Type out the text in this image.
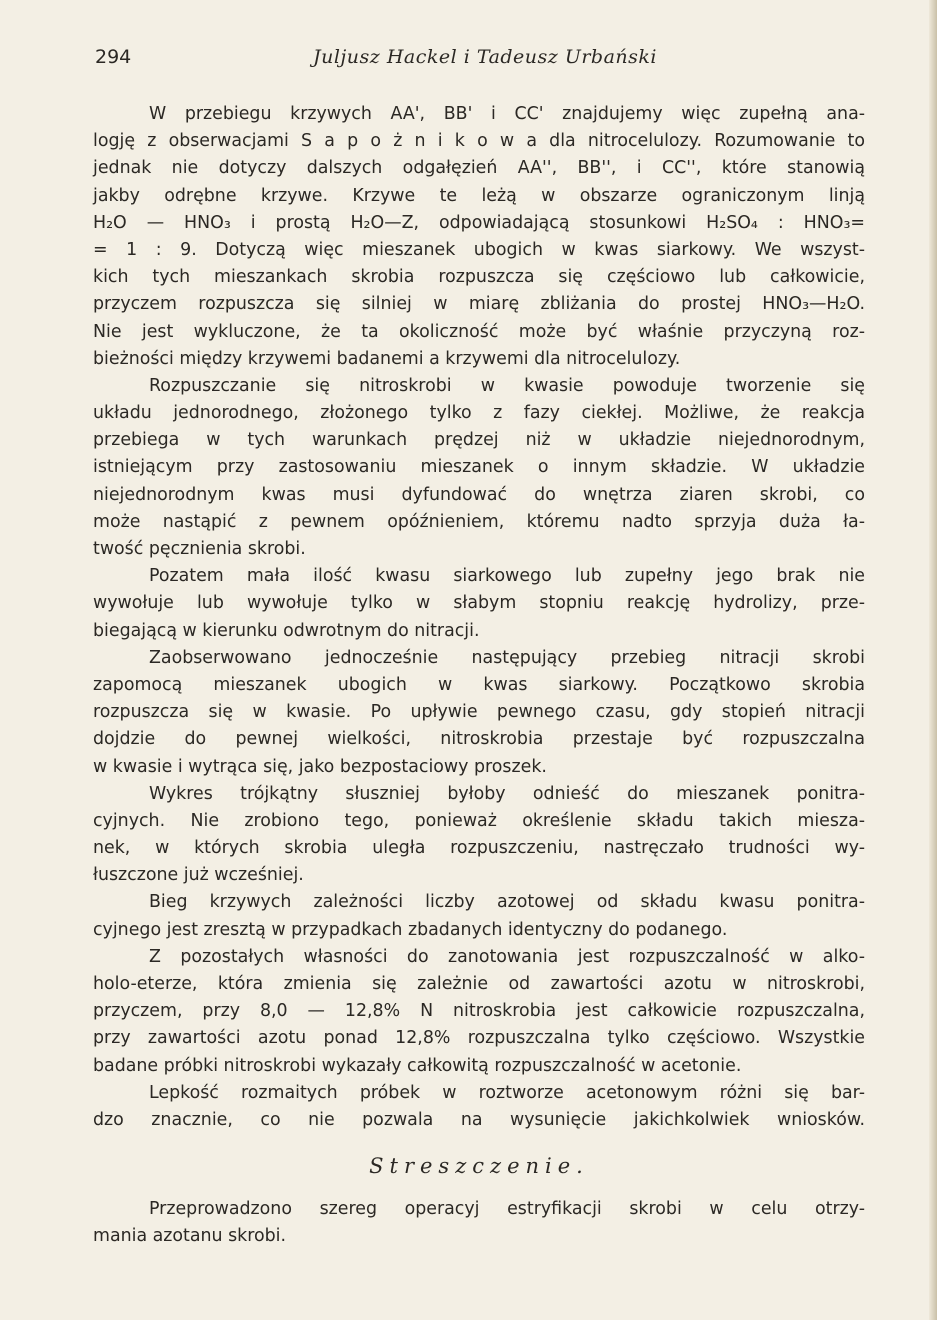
294	Juljusz Hackel i Tadeusz Urbański
W przebiegu krzywych AA', BB' i CC' znajdujemy więc zupełną ana-
logję z obserwacjami S a p o ż n i k o w a dla nitrocelulozy. Rozumowanie to
jednak nie dotyczy dalszych odgałęzień AA'', BB'', i CC'', które stanowią
jakby odrębne krzywe. Krzywe te leżą w obszarze ograniczonym linją
H₂O — HNO₃ i prostą H₂O—Z, odpowiadającą stosunkowi H₂SO₄ : HNO₃=
= 1 : 9. Dotyczą więc mieszanek ubogich w kwas siarkowy. We wszyst-
kich tych mieszankach skrobia rozpuszcza się częściowo lub całkowicie,
przyczem rozpuszcza się silniej w miarę zbliżania do prostej HNO₃—H₂O.
Nie jest wykluczone, że ta okoliczność może być właśnie przyczyną roz-
bieżności między krzywemi badanemi a krzywemi dla nitrocelulozy.
Rozpuszczanie się nitroskrobi w kwasie powoduje tworzenie się
układu jednorodnego, złożonego tylko z fazy ciekłej. Możliwe, że reakcja
przebiega w tych warunkach prędzej niż w układzie niejednorodnym,
istniejącym przy zastosowaniu mieszanek o innym składzie. W układzie
niejednorodnym kwas musi dyfundować do wnętrza ziaren skrobi, co
może nastąpić z pewnem opóźnieniem, któremu nadto sprzyja duża ła-
twość pęcznienia skrobi.
Pozatem mała ilość kwasu siarkowego lub zupełny jego brak nie
wywołuje lub wywołuje tylko w słabym stopniu reakcję hydrolizy, prze-
biegającą w kierunku odwrotnym do nitracji.
Zaobserwowano jednocześnie następujący przebieg nitracji skrobi
zapomocą mieszanek ubogich w kwas siarkowy. Początkowo skrobia
rozpuszcza się w kwasie. Po upływie pewnego czasu, gdy stopień nitracji
dojdzie do pewnej wielkości, nitroskrobia przestaje być rozpuszczalna
w kwasie i wytrąca się, jako bezpostaciowy proszek.
Wykres trójkątny słuszniej byłoby odnieść do mieszanek ponitra-
cyjnych. Nie zrobiono tego, ponieważ określenie składu takich miesza-
nek, w których skrobia uległa rozpuszczeniu, nastręczało trudności wy-
łuszczone już wcześniej.
Bieg krzywych zależności liczby azotowej od składu kwasu ponitra-
cyjnego jest zresztą w przypadkach zbadanych identyczny do podanego.
Z pozostałych własności do zanotowania jest rozpuszczalność w alko-
holo-eterze, która zmienia się zależnie od zawartości azotu w nitroskrobi,
przyczem, przy 8,0 — 12,8% N nitroskrobia jest całkowicie rozpuszczalna,
przy zawartości azotu ponad 12,8% rozpuszczalna tylko częściowo. Wszystkie
badane próbki nitroskrobi wykazały całkowitą rozpuszczalność w acetonie.
Lepkość rozmaitych próbek w roztworze acetonowym różni się bar-
dzo znacznie, co nie pozwala na wysunięcie jakichkolwiek wniosków.
Streszczenie.
Przeprowadzono szereg operacyj estryfikacji skrobi w celu otrzy-
mania azotanu skrobi.
